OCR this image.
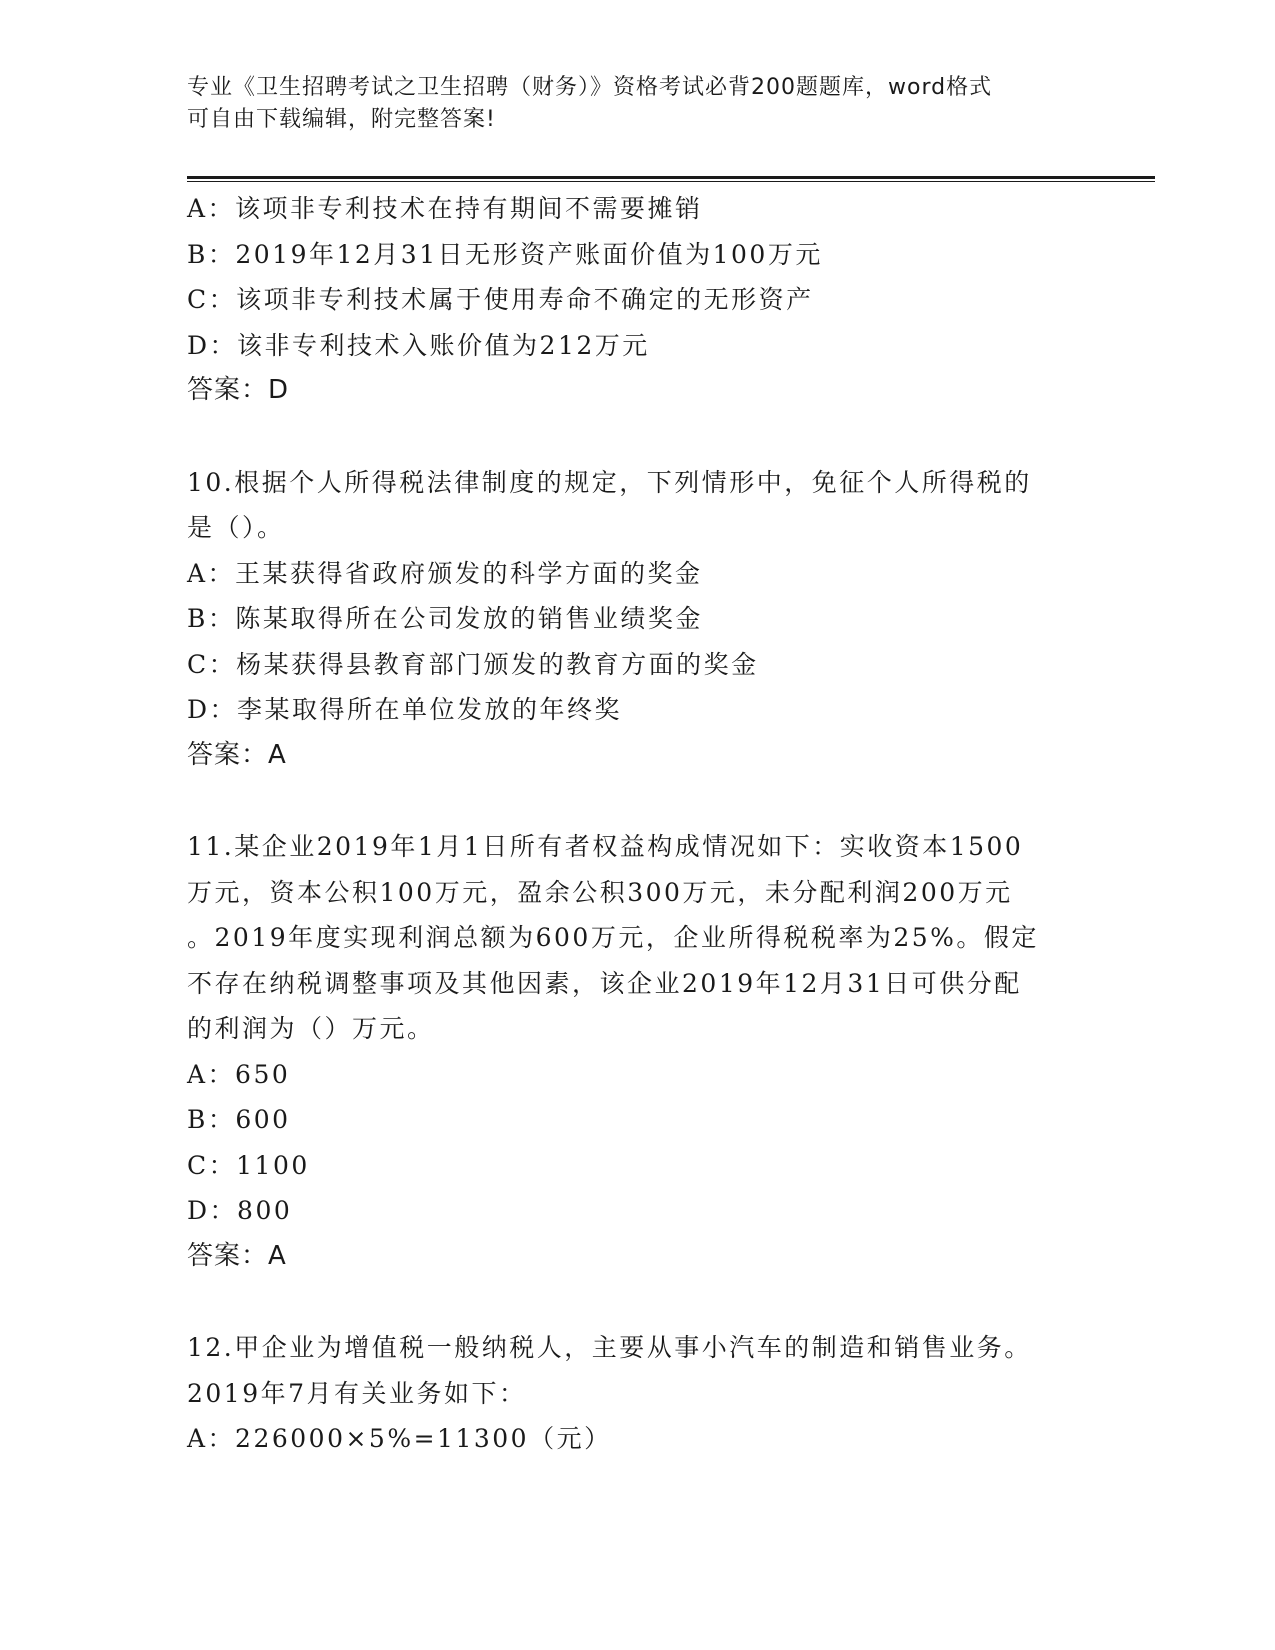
专业《卫生招聘考试之卫生招聘（财务）》资格考试必背200题题库，word格式
可自由下载编辑，附完整答案!
A：该项非专利技术在持有期间不需要摊销
B：2019年12月31日无形资产账面价值为100万元
C：该项非专利技术属于使用寿命不确定的无形资产
D：该非专利技术入账价值为212万元
答案：D
10.根据个人所得税法律制度的规定，下列情形中，免征个人所得税的
是（）。
A：王某获得省政府颁发的科学方面的奖金
B：陈某取得所在公司发放的销售业绩奖金
C：杨某获得县教育部门颁发的教育方面的奖金
D：李某取得所在单位发放的年终奖
答案：A
11.某企业2019年1月1日所有者权益构成情况如下：实收资本1500
万元，资本公积100万元，盈余公积300万元，未分配利润200万元
。2019年度实现利润总额为600万元，企业所得税税率为25%。假定
不存在纳税调整事项及其他因素，该企业2019年12月31日可供分配
的利润为（）万元。
A：650
B：600
C：1100
D：800
答案：A
12.甲企业为增值税一般纳税人，主要从事小汽车的制造和销售业务。
2019年7月有关业务如下：
A：226000×5%=11300（元）
